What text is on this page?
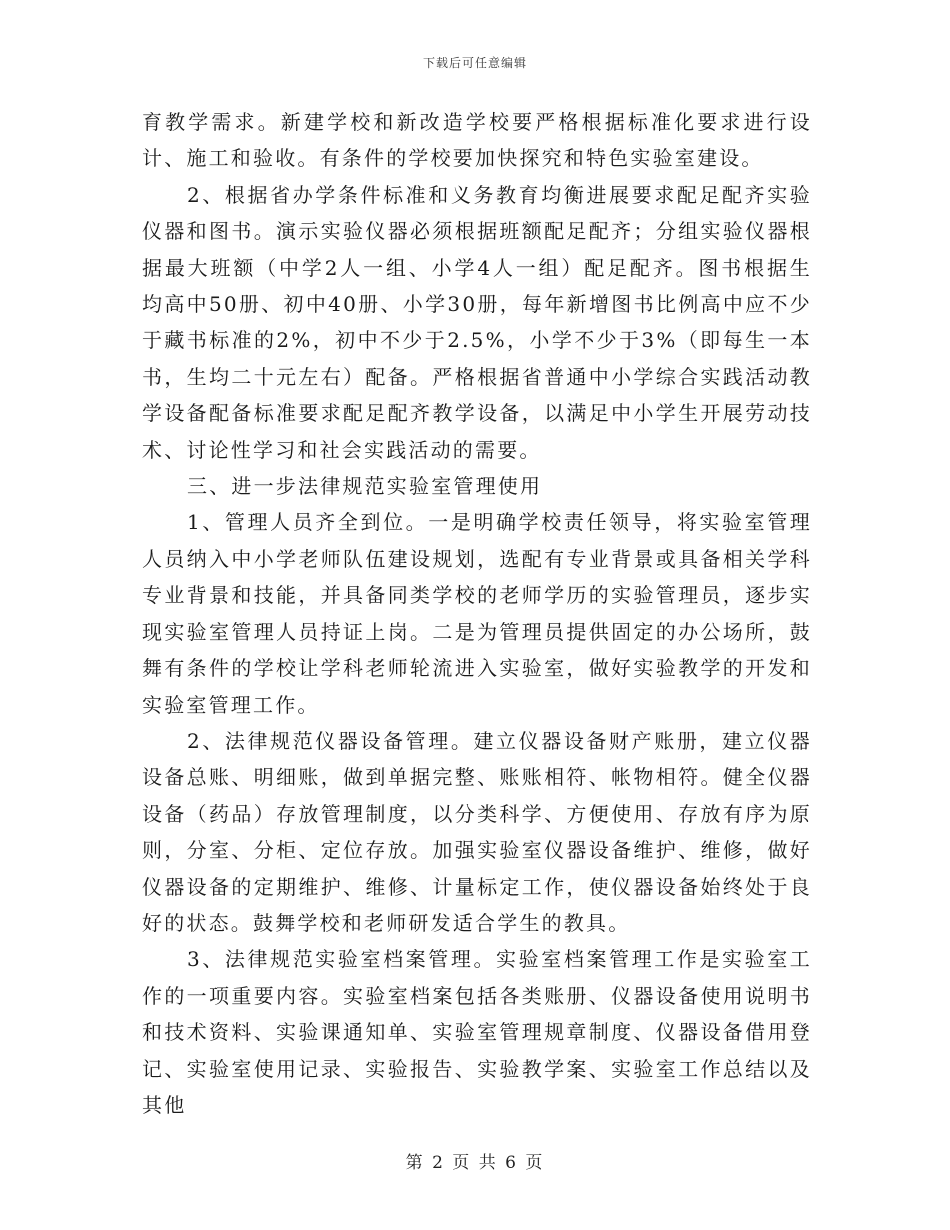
下载后可任意编辑

育教学需求。新建学校和新改造学校要严格根据标准化要求进行设计、施工和验收。有条件的学校要加快探究和特色实验室建设。

2、根据省办学条件标准和义务教育均衡进展要求配足配齐实验仪器和图书。演示实验仪器必须根据班额配足配齐；分组实验仪器根据最大班额（中学2人一组、小学4人一组）配足配齐。图书根据生均高中50册、初中40册、小学30册，每年新增图书比例高中应不少于藏书标准的2%，初中不少于2.5%，小学不少于3%（即每生一本书，生均二十元左右）配备。严格根据省普通中小学综合实践活动教学设备配备标准要求配足配齐教学设备，以满足中小学生开展劳动技术、讨论性学习和社会实践活动的需要。

三、进一步法律规范实验室管理使用

1、管理人员齐全到位。一是明确学校责任领导，将实验室管理人员纳入中小学老师队伍建设规划，选配有专业背景或具备相关学科专业背景和技能，并具备同类学校的老师学历的实验管理员，逐步实现实验室管理人员持证上岗。二是为管理员提供固定的办公场所，鼓舞有条件的学校让学科老师轮流进入实验室，做好实验教学的开发和实验室管理工作。

2、法律规范仪器设备管理。建立仪器设备财产账册，建立仪器设备总账、明细账，做到单据完整、账账相符、帐物相符。健全仪器设备（药品）存放管理制度，以分类科学、方便使用、存放有序为原则，分室、分柜、定位存放。加强实验室仪器设备维护、维修，做好仪器设备的定期维护、维修、计量标定工作，使仪器设备始终处于良好的状态。鼓舞学校和老师研发适合学生的教具。

3、法律规范实验室档案管理。实验室档案管理工作是实验室工作的一项重要内容。实验室档案包括各类账册、仪器设备使用说明书和技术资料、实验课通知单、实验室管理规章制度、仪器设备借用登记、实验室使用记录、实验报告、实验教学案、实验室工作总结以及其他

第 2 页 共 6 页
